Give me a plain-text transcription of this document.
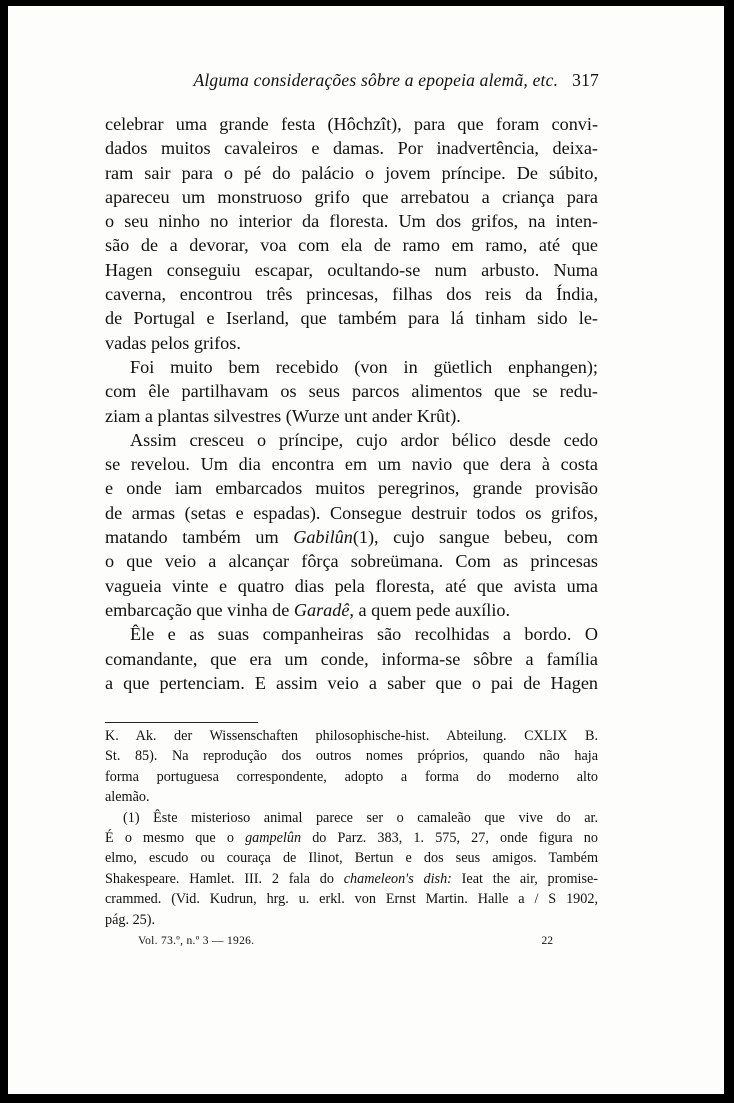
Alguma considerações sôbre a epopeia alemã, etc. 317
celebrar uma grande festa (Hôchzît), para que foram convi-
dados muitos cavaleiros e damas. Por inadvertência, deixa-
ram sair para o pé do palácio o jovem príncipe. De súbito,
apareceu um monstruoso grifo que arrebatou a criança para
o seu ninho no interior da floresta. Um dos grifos, na inten-
são de a devorar, voa com ela de ramo em ramo, até que
Hagen conseguiu escapar, ocultando-se num arbusto. Numa
caverna, encontrou três princesas, filhas dos reis da Índia,
de Portugal e Iserland, que também para lá tinham sido le-
vadas pelos grifos.
Foi muito bem recebido (von in güetlich enphangen);
com êle partilhavam os seus parcos alimentos que se redu-
ziam a plantas silvestres (Wurze unt ander Krût).
Assim cresceu o príncipe, cujo ardor bélico desde cedo
se revelou. Um dia encontra em um navio que dera à costa
e onde iam embarcados muitos peregrinos, grande provisão
de armas (setas e espadas). Consegue destruir todos os grifos,
matando também um Gabilûn(1), cujo sangue bebeu, com
o que veio a alcançar fôrça sobreümana. Com as princesas
vagueia vinte e quatro dias pela floresta, até que avista uma
embarcação que vinha de Garadê, a quem pede auxílio.
Êle e as suas companheiras são recolhidas a bordo. O
comandante, que era um conde, informa-se sôbre a família
a que pertenciam. E assim veio a saber que o pai de Hagen
K. Ak. der Wissenschaften philosophische-hist. Abteilung. CXLIX B.
St. 85). Na reprodução dos outros nomes próprios, quando não haja
forma portuguesa correspondente, adopto a forma do moderno alto
alemão.
(1) Êste misterioso animal parece ser o camaleão que vive do ar.
É o mesmo que o gampelûn do Parz. 383, 1. 575, 27, onde figura no
elmo, escudo ou couraça de Ilinot, Bertun e dos seus amigos. Também
Shakespeare. Hamlet. III. 2 fala do chameleon's dish: Ieat the air, promise-
crammed. (Vid. Kudrun, hrg. u. erkl. von Ernst Martin. Halle a / S 1902,
pág. 25).
Vol. 73.º, n.º 3 — 1926.	22
